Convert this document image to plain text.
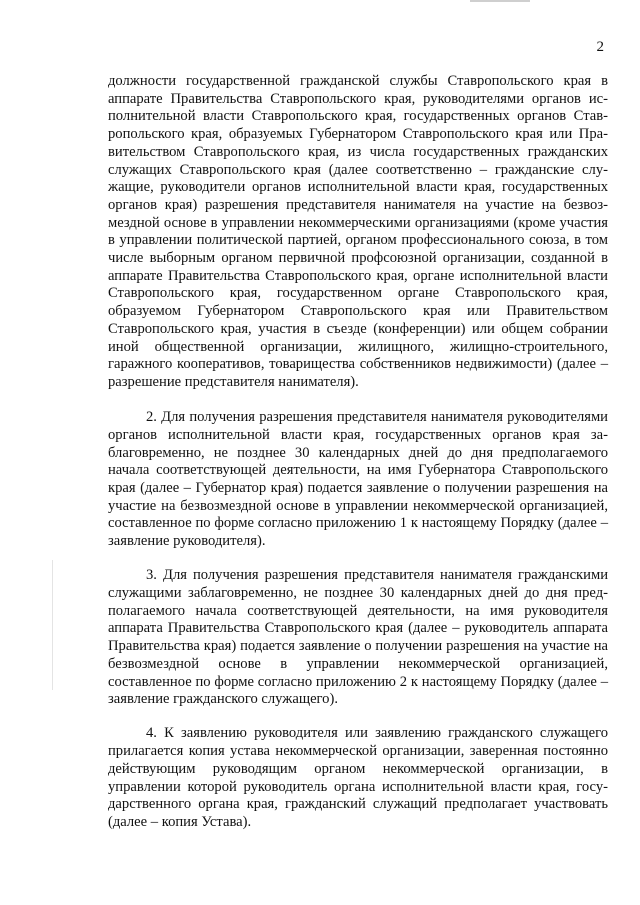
2

должности государственной гражданской службы Ставропольского края в аппарате Правительства Ставропольского края, руководителями органов исполнительной власти Ставропольского края, государственных органов Ставропольского края, образуемых Губернатором Ставропольского края или Правительством Ставропольского края, из числа государственных гражданских служащих Ставропольского края (далее соответственно – гражданские служащие, руководители органов исполнительной власти края, государственных органов края) разрешения представителя нанимателя на участие на безвозмездной основе в управлении некоммерческими организациями (кроме участия в управлении политической партией, органом профессионального союза, в том числе выборным органом первичной профсоюзной организации, созданной в аппарате Правительства Ставропольского края, органе исполнительной власти Ставропольского края, государственном органе Ставропольского края, образуемом Губернатором Ставропольского края или Правительством Ставропольского края, участия в съезде (конференции) или общем собрании иной общественной организации, жилищного, жилищно-строительного, гаражного кооперативов, товарищества собственников недвижимости) (далее – разрешение представителя нанимателя).

2. Для получения разрешения представителя нанимателя руководителями органов исполнительной власти края, государственных органов края заблаговременно, не позднее 30 календарных дней до дня предполагаемого начала соответствующей деятельности, на имя Губернатора Ставропольского края (далее – Губернатор края) подается заявление о получении разрешения на участие на безвозмездной основе в управлении некоммерческой организацией, составленное по форме согласно приложению 1 к настоящему Порядку (далее – заявление руководителя).

3. Для получения разрешения представителя нанимателя гражданскими служащими заблаговременно, не позднее 30 календарных дней до дня предполагаемого начала соответствующей деятельности, на имя руководителя аппарата Правительства Ставропольского края (далее – руководитель аппарата Правительства края) подается заявление о получении разрешения на участие на безвозмездной основе в управлении некоммерческой организацией, составленное по форме согласно приложению 2 к настоящему Порядку (далее – заявление гражданского служащего).

4. К заявлению руководителя или заявлению гражданского служащего прилагается копия устава некоммерческой организации, заверенная постоянно действующим руководящим органом некоммерческой организации, в управлении которой руководитель органа исполнительной власти края, государственного органа края, гражданский служащий предполагает участвовать (далее – копия Устава).
